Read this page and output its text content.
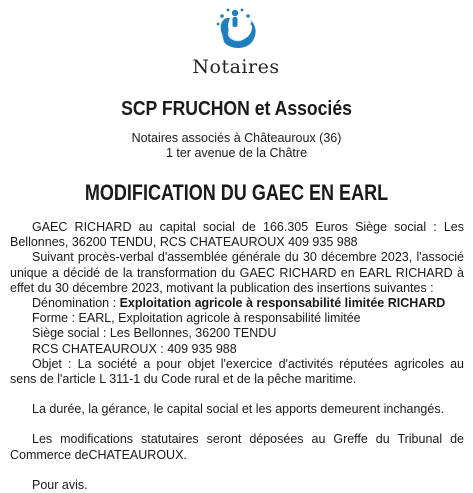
Notaires
SCP FRUCHON et Associés
Notaires associés à Châteauroux (36)
1 ter avenue de la Châtre
MODIFICATION DU GAEC EN EARL

GAEC RICHARD au capital social de 166.305 Euros Siège social : Les Bellonnes, 36200 TENDU, RCS CHATEAUROUX 409 935 988

Suivant procès-verbal d'assemblée générale du 30 décembre 2023, l'associé unique a décidé de la transformation du GAEC RICHARD en EARL RICHARD à effet du 30 décembre 2023, motivant la publication des insertions suivantes :

Dénomination : Exploitation agricole à responsabilité limitée RICHARD

Forme : EARL, Exploitation agricole à responsabilité limitée

Siège social : Les Bellonnes, 36200 TENDU

RCS CHATEAUROUX : 409 935 988

Objet : La société a pour objet l'exercice d'activités réputées agricoles au sens de l'article L 311-1 du Code rural et de la pêche maritime.

La durée, la gérance, le capital social et les apports demeurent inchangés.

Les modifications statutaires seront déposées au Greffe du Tribunal de Commerce deCHATEAUROUX.

Pour avis.
